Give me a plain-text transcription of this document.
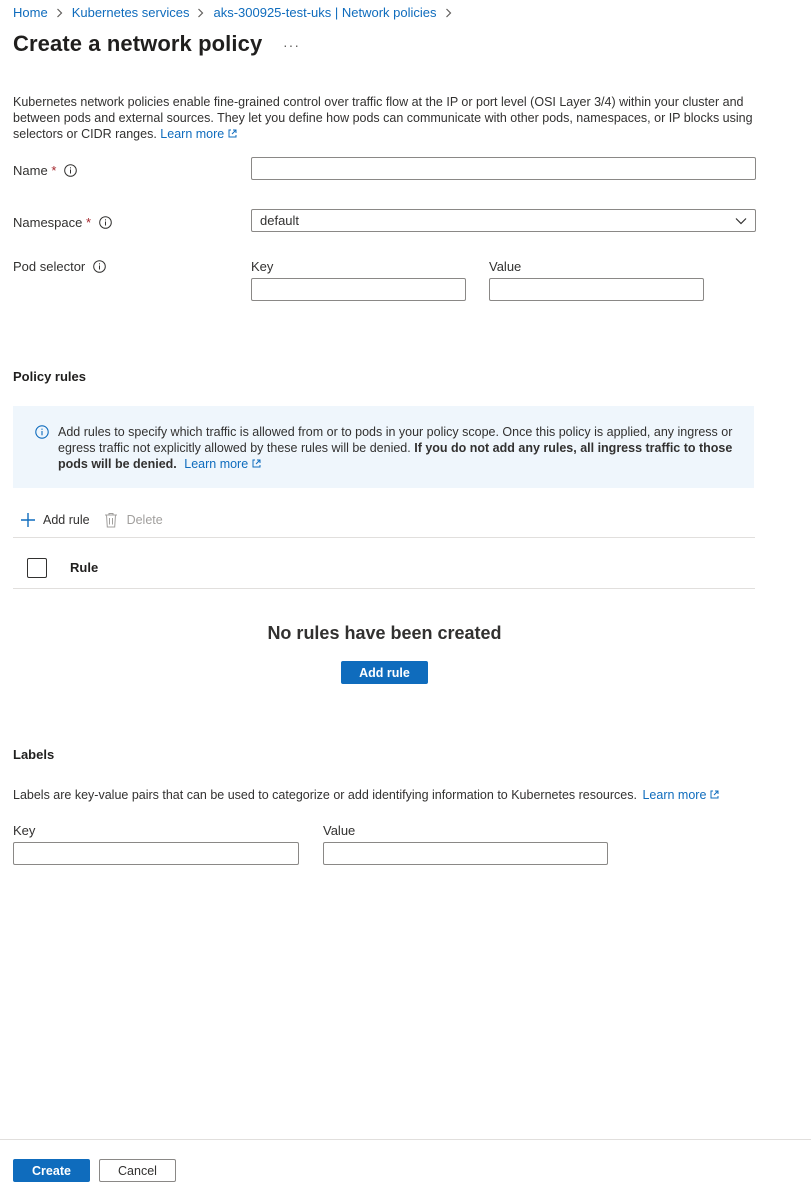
Home Kubernetes services aks-300925-test-uks | Network policies
Create a network policy ···

Kubernetes network policies enable fine-grained control over traffic flow at the IP or port level (OSI Layer 3/4) within your cluster and between pods and external sources. They let you define how pods can communicate with other pods, namespaces, or IP blocks using selectors or CIDR ranges. Learn more

Name *
Namespace *	default
Pod selector	Key	Value
Policy rules

Add rules to specify which traffic is allowed from or to pods in your policy scope. Once this policy is applied, any ingress or egress traffic not explicitly allowed by these rules will be denied. If you do not add any rules, all ingress traffic to those pods will be denied. Learn more

Add rule	Delete
Rule
No rules have been created
Add rule
Labels

Labels are key-value pairs that can be used to categorize or add identifying information to Kubernetes resources. Learn more

Key	Value
Create	Cancel
